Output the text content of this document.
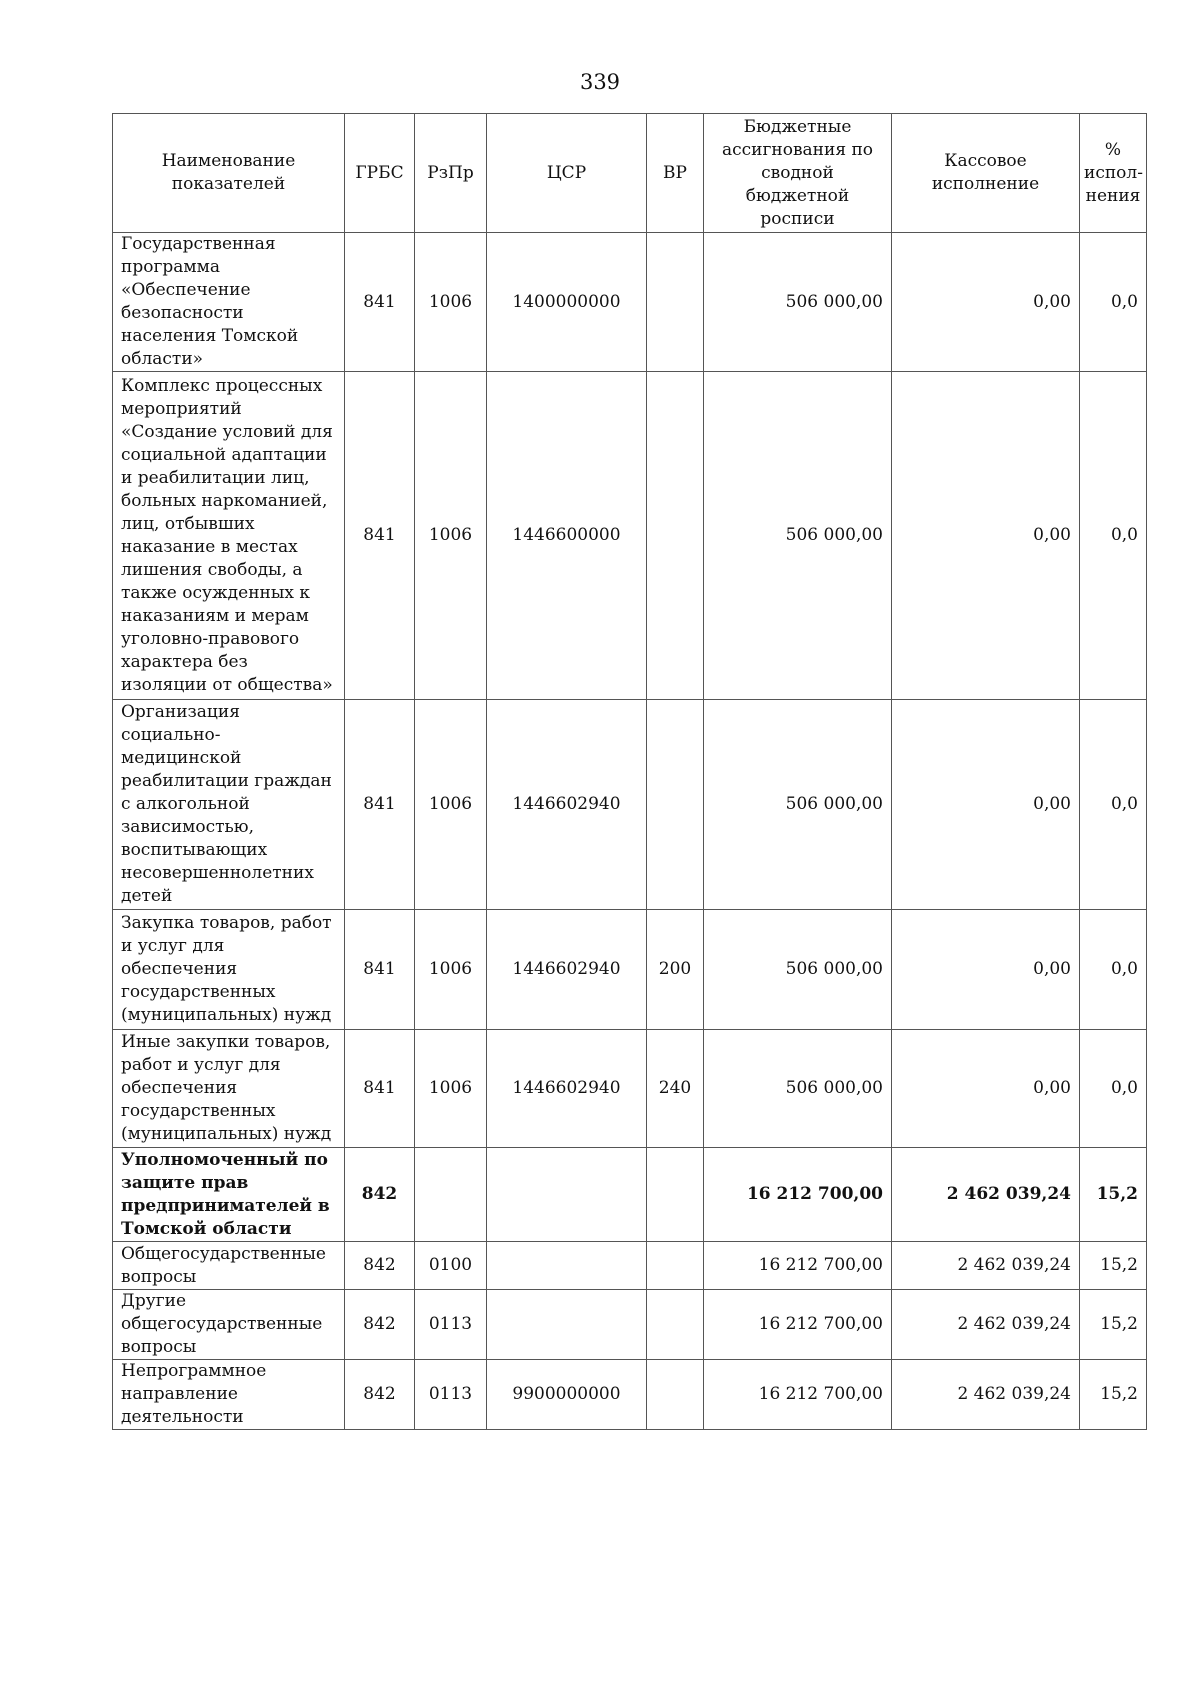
339
Наименование показателей	ГРБС	РзПр	ЦСР	ВР	Бюджетные ассигнования по сводной бюджетной росписи	Кассовое исполнение	% испол-нения
Государственная программа «Обеспечение безопасности населения Томской области»	841	1006	1400000000		506 000,00	0,00	0,0
Комплекс процессных мероприятий «Создание условий для социальной адаптации и реабилитации лиц, больных наркоманией, лиц, отбывших наказание в местах лишения свободы, а также осужденных к наказаниям и мерам уголовно-правового характера без изоляции от общества»	841	1006	1446600000		506 000,00	0,00	0,0
Организация социально-медицинской реабилитации граждан с алкогольной зависимостью, воспитывающих несовершеннолетних детей	841	1006	1446602940		506 000,00	0,00	0,0
Закупка товаров, работ и услуг для обеспечения государственных (муниципальных) нужд	841	1006	1446602940	200	506 000,00	0,00	0,0
Иные закупки товаров, работ и услуг для обеспечения государственных (муниципальных) нужд	841	1006	1446602940	240	506 000,00	0,00	0,0
Уполномоченный по защите прав предпринимателей в Томской области	842				16 212 700,00	2 462 039,24	15,2
Общегосударственные вопросы	842	0100			16 212 700,00	2 462 039,24	15,2
Другие общегосударственные вопросы	842	0113			16 212 700,00	2 462 039,24	15,2
Непрограммное направление деятельности	842	0113	9900000000		16 212 700,00	2 462 039,24	15,2
